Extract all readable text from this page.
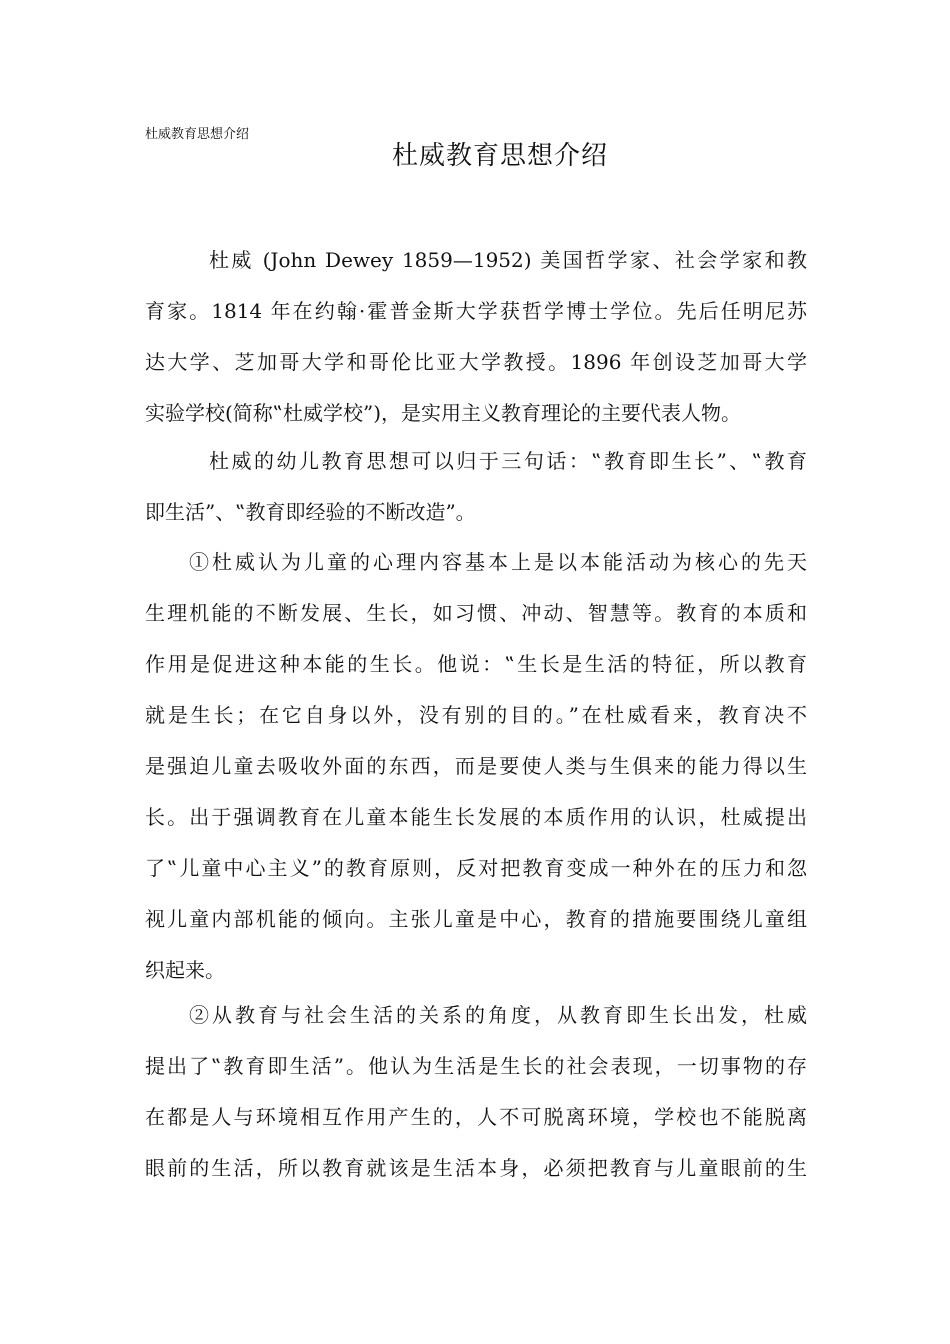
杜威教育思想介绍
杜威教育思想介绍
杜威 (John Dewey 1859—1952) 美国哲学家、社会学家和教
育家。1814 年在约翰·霍普金斯大学获哲学博士学位。先后任明尼苏
达大学、芝加哥大学和哥伦比亚大学教授。1896 年创设芝加哥大学
实验学校(简称‟杜威学校”)，是实用主义教育理论的主要代表人物。
杜威的幼儿教育思想可以归于三句话：‟教育即生长”、‟教育
即生活”、‟教育即经验的不断改造”。
①杜威认为儿童的心理内容基本上是以本能活动为核心的先天
生理机能的不断发展、生长，如习惯、冲动、智慧等。教育的本质和
作用是促进这种本能的生长。他说：‟生长是生活的特征，所以教育
就是生长；在它自身以外，没有别的目的。”在杜威看来，教育决不
是强迫儿童去吸收外面的东西，而是要使人类与生俱来的能力得以生
长。出于强调教育在儿童本能生长发展的本质作用的认识，杜威提出
了‟儿童中心主义”的教育原则，反对把教育变成一种外在的压力和忽
视儿童内部机能的倾向。主张儿童是中心，教育的措施要围绕儿童组
织起来。
②从教育与社会生活的关系的角度，从教育即生长出发，杜威
提出了‟教育即生活”。他认为生活是生长的社会表现，一切事物的存
在都是人与环境相互作用产生的，人不可脱离环境，学校也不能脱离
眼前的生活，所以教育就该是生活本身，必须把教育与儿童眼前的生
